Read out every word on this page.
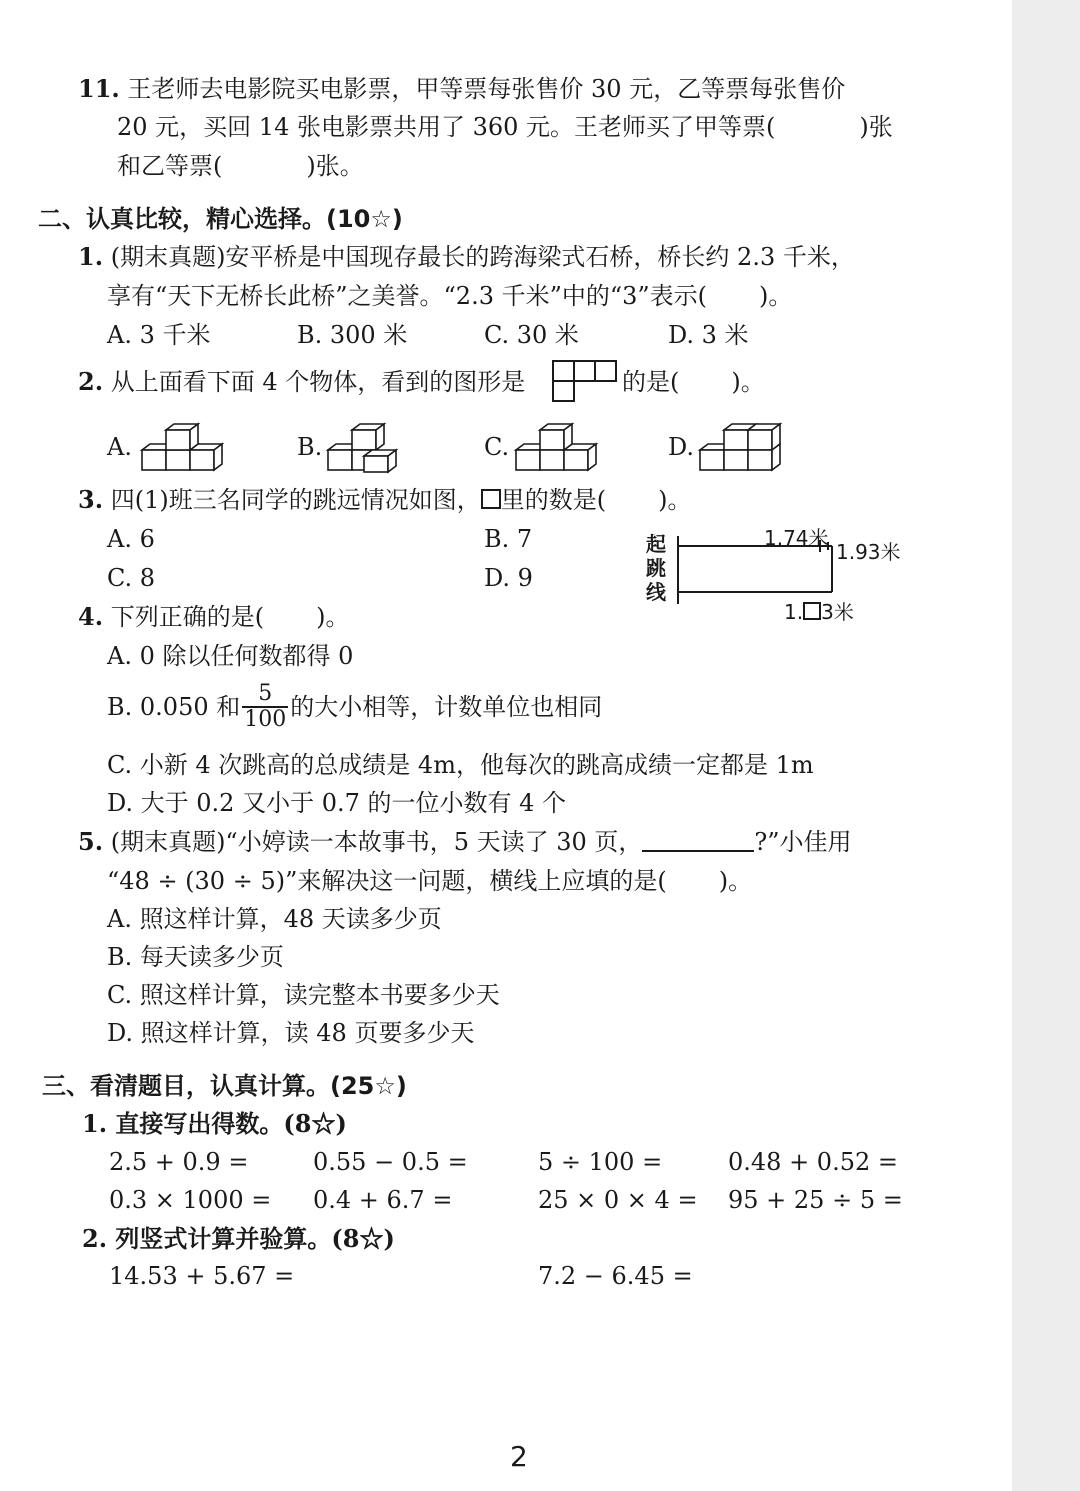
11. 王老师去电影院买电影票，甲等票每张售价 30 元，乙等票每张售价
20 元，买回 14 张电影票共用了 360 元。王老师买了甲等票(	)张
和乙等票(	)张。
二、认真比较，精心选择。(10☆)
1. (期末真题)安平桥是中国现存最长的跨海梁式石桥，桥长约 2.3 千米，
享有“天下无桥长此桥”之美誉。“2.3 千米”中的“3”表示( )。
A. 3 千米	B. 300 米	C. 30 米	D. 3 米
2. 从上面看下面 4 个物体，看到的图形是	的是( )。
A.	B.	C.	D.
3. 四(1)班三名同学的跳远情况如图， 里的数是( )。
A. 6	B. 7
C. 8	D. 9
起跳线
1.74米
1.93米
1. 3米
4. 下列正确的是( )。
A. 0 除以任何数都得 0
B. 0.050 和 $\frac{5}{100}$ 的大小相等，计数单位也相同
C. 小新 4 次跳高的总成绩是 4m，他每次的跳高成绩一定都是 1m
D. 大于 0.2 又小于 0.7 的一位小数有 4 个
5. (期末真题)“小婷读一本故事书，5 天读了 30 页，	?”小佳用
“48 ÷ (30 ÷ 5)”来解决这一问题，横线上应填的是( )。
A. 照这样计算，48 天读多少页
B. 每天读多少页
C. 照这样计算，读完整本书要多少天
D. 照这样计算，读 48 页要多少天
三、看清题目，认真计算。(25☆)
1. 直接写出得数。(8☆)
2.5 + 0.9 =	0.55 − 0.5 =	5 ÷ 100 =	0.48 + 0.52 =
0.3 × 1000 = 0.4 + 6.7 =	25 × 0 × 4 = 95 + 25 ÷ 5 =
2. 列竖式计算并验算。(8☆)
14.53 + 5.67 =	7.2 − 6.45 =
2
